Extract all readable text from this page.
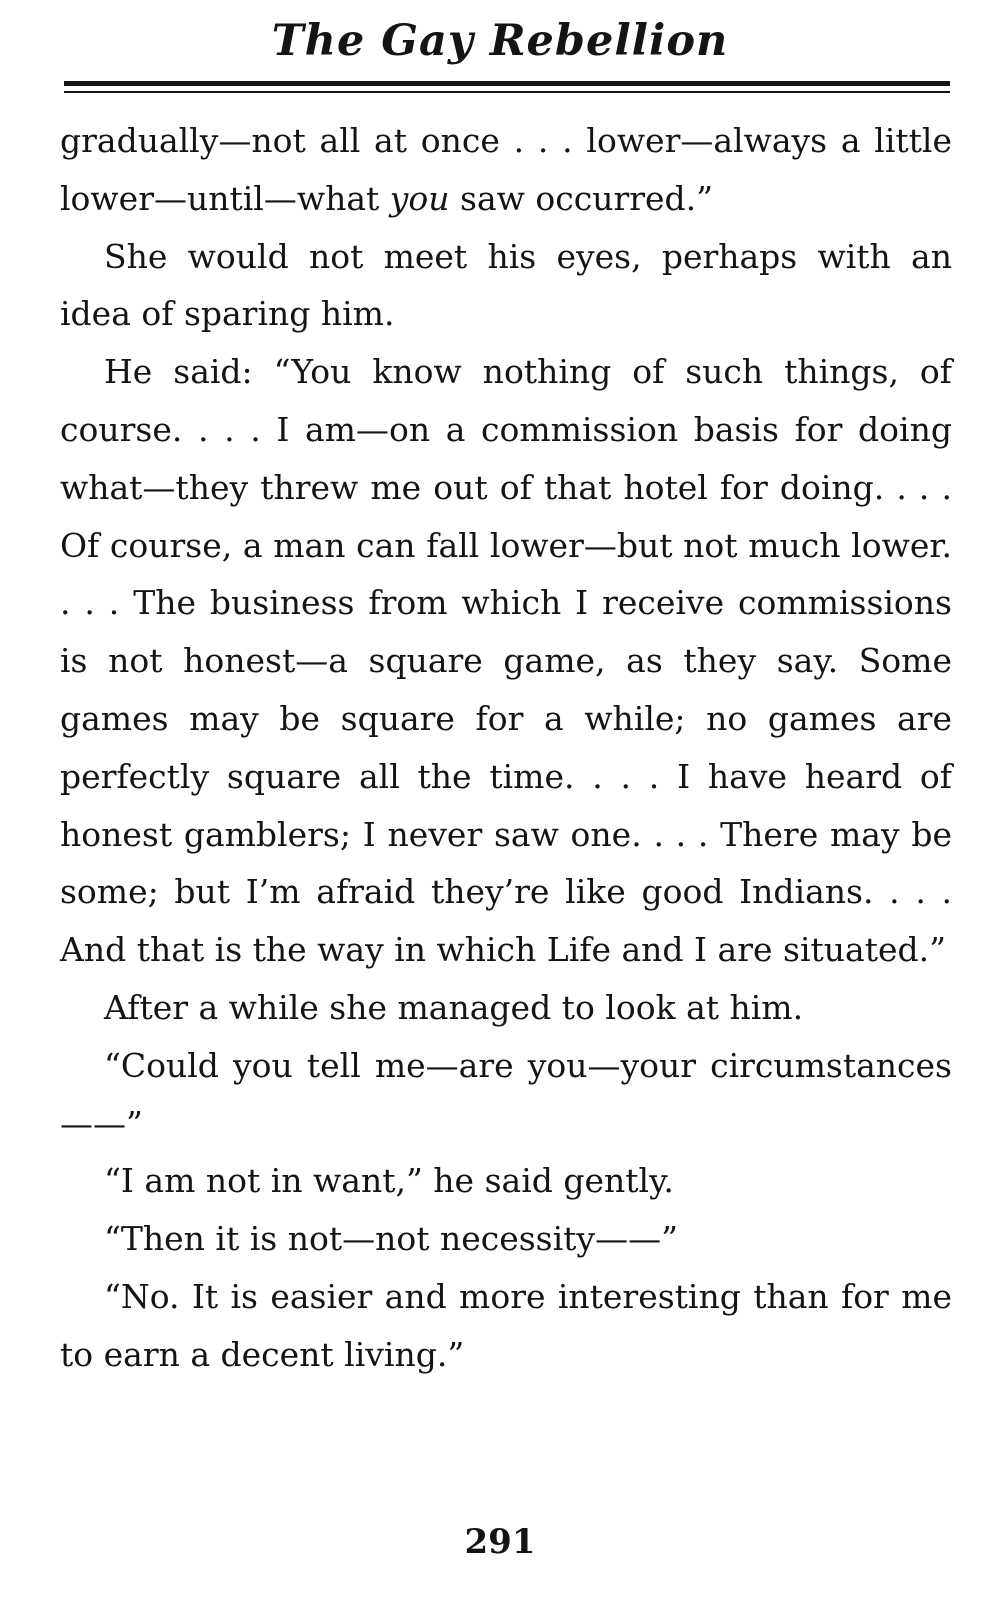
The Gay Rebellion

gradually—not all at once . . . lower—always a little lower—until—what you saw occurred.”

She would not meet his eyes, perhaps with an idea of sparing him.

He said: “You know nothing of such things, of course. . . . I am—on a commission basis for doing what—they threw me out of that hotel for doing. . . . Of course, a man can fall lower—but not much lower. . . . The business from which I receive commissions is not honest—a square game, as they say. Some games may be square for a while; no games are perfectly square all the time. . . . I have heard of honest gamblers; I never saw one. . . . There may be some; but I’m afraid they’re like good Indians. . . . And that is the way in which Life and I are situated.”

After a while she managed to look at him.

“Could you tell me—are you—your circumstances——”

“I am not in want,” he said gently.

“Then it is not—not necessity——”

“No. It is easier and more interesting than for me to earn a decent living.”

291
